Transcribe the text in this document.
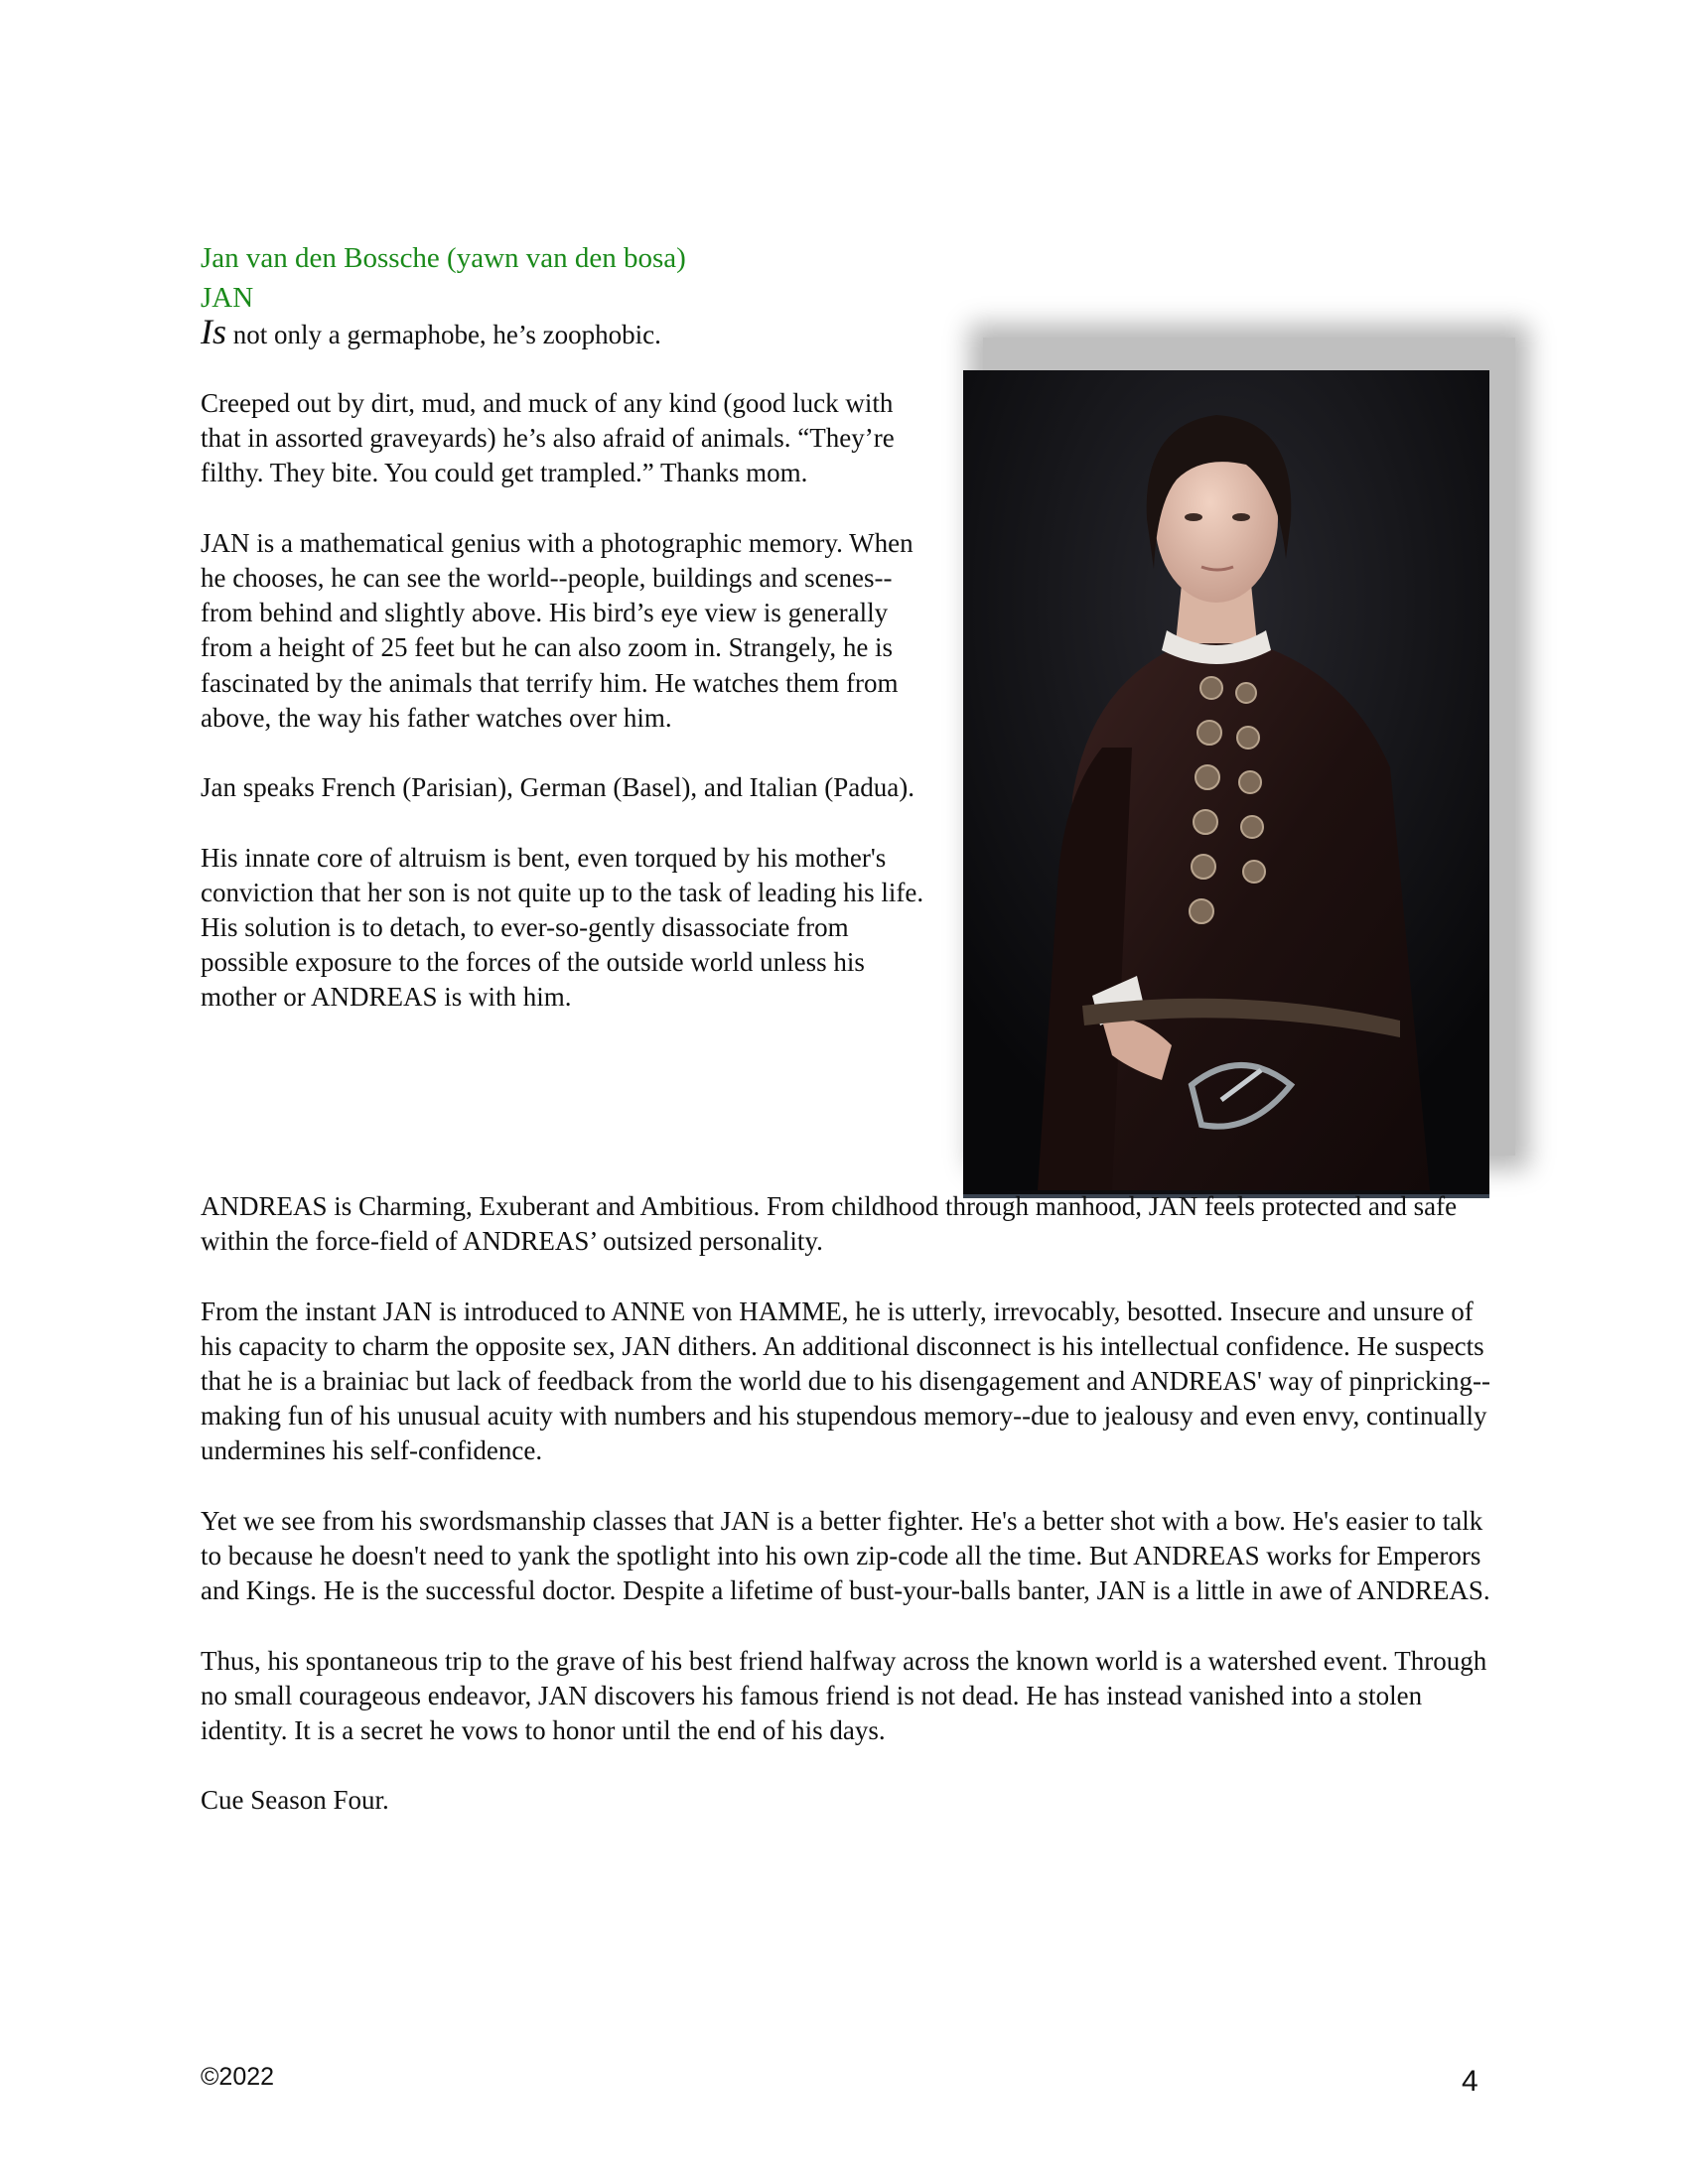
Jan van den Bossche (yawn van den bosa)
JAN

Is not only a germaphobe, he’s zoophobic.

Creeped out by dirt, mud, and muck of any kind (good luck with that in assorted graveyards) he’s also afraid of animals. “They’re filthy. They bite. You could get trampled.” Thanks mom.

JAN is a mathematical genius with a photographic memory. When he chooses, he can see the world--people, buildings and scenes--from behind and slightly above. His bird’s eye view is generally from a height of 25 feet but he can also zoom in. Strangely, he is fascinated by the animals that terrify him. He watches them from above, the way his father watches over him.

Jan speaks French (Parisian), German (Basel), and Italian (Padua).

His innate core of altruism is bent, even torqued by his mother's conviction that her son is not quite up to the task of leading his life. His solution is to detach, to ever-so-gently disassociate from possible exposure to the forces of the outside world unless his mother or ANDREAS is with him.

ANDREAS is Charming, Exuberant and Ambitious. From childhood through manhood, JAN feels protected and safe within the force-field of ANDREAS’ outsized personality.

From the instant JAN is introduced to ANNE von HAMME, he is utterly, irrevocably, besotted. Insecure and unsure of his capacity to charm the opposite sex, JAN dithers. An additional disconnect is his intellectual confidence. He suspects that he is a brainiac but lack of feedback from the world due to his disengagement and ANDREAS' way of pinpricking--making fun of his unusual acuity with numbers and his stupendous memory--due to jealousy and even envy, continually undermines his self-confidence.

Yet we see from his swordsmanship classes that JAN is a better fighter. He's a better shot with a bow. He's easier to talk to because he doesn't need to yank the spotlight into his own zip-code all the time. But ANDREAS works for Emperors and Kings. He is the successful doctor. Despite a lifetime of bust-your-balls banter, JAN is a little in awe of ANDREAS.

Thus, his spontaneous trip to the grave of his best friend halfway across the known world is a watershed event. Through no small courageous endeavor, JAN discovers his famous friend is not dead. He has instead vanished into a stolen identity. It is a secret he vows to honor until the end of his days.

Cue Season Four.

©2022	4
